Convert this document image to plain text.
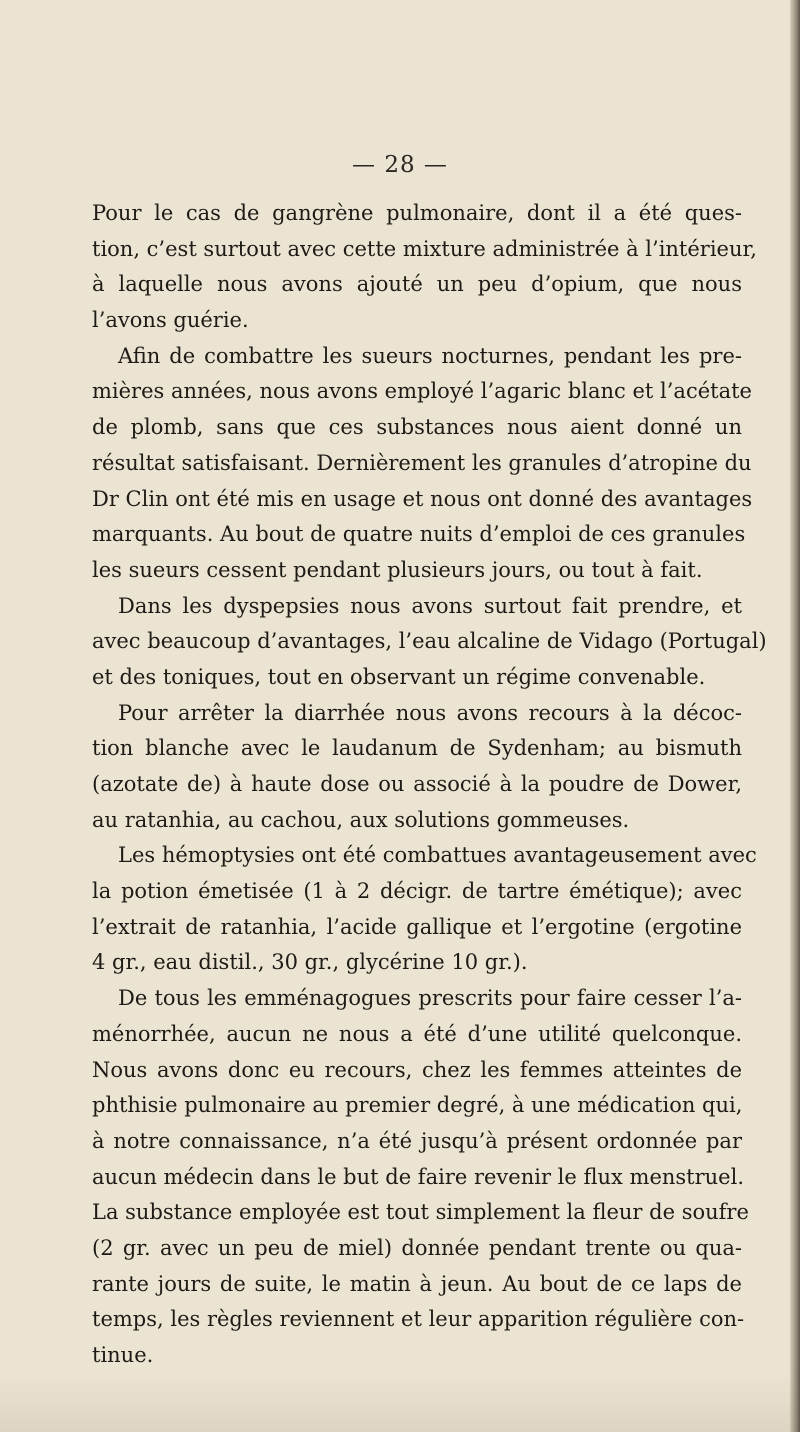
— 28 —
Pour le cas de gangrène pulmonaire, dont il a été ques-
tion, c’est surtout avec cette mixture administrée à l’intérieur,
à laquelle nous avons ajouté un peu d’opium, que nous
l’avons guérie.
Afin de combattre les sueurs nocturnes, pendant les pre-
mières années, nous avons employé l’agaric blanc et l’acétate
de plomb, sans que ces substances nous aient donné un
résultat satisfaisant. Dernièrement les granules d’atropine du
Dr Clin ont été mis en usage et nous ont donné des avantages
marquants. Au bout de quatre nuits d’emploi de ces granules
les sueurs cessent pendant plusieurs jours, ou tout à fait.
Dans les dyspepsies nous avons surtout fait prendre, et
avec beaucoup d’avantages, l’eau alcaline de Vidago (Portugal)
et des toniques, tout en observant un régime convenable.
Pour arrêter la diarrhée nous avons recours à la décoc-
tion blanche avec le laudanum de Sydenham; au bismuth
(azotate de) à haute dose ou associé à la poudre de Dower,
au ratanhia, au cachou, aux solutions gommeuses.
Les hémoptysies ont été combattues avantageusement avec
la potion émetisée (1 à 2 décigr. de tartre émétique); avec
l’extrait de ratanhia, l’acide gallique et l’ergotine (ergotine
4 gr., eau distil., 30 gr., glycérine 10 gr.).
De tous les emménagogues prescrits pour faire cesser l’a-
ménorrhée, aucun ne nous a été d’une utilité quelconque.
Nous avons donc eu recours, chez les femmes atteintes de
phthisie pulmonaire au premier degré, à une médication qui,
à notre connaissance, n’a été jusqu’à présent ordonnée par
aucun médecin dans le but de faire revenir le flux menstruel.
La substance employée est tout simplement la fleur de soufre
(2 gr. avec un peu de miel) donnée pendant trente ou qua-
rante jours de suite, le matin à jeun. Au bout de ce laps de
temps, les règles reviennent et leur apparition régulière con-
tinue.
